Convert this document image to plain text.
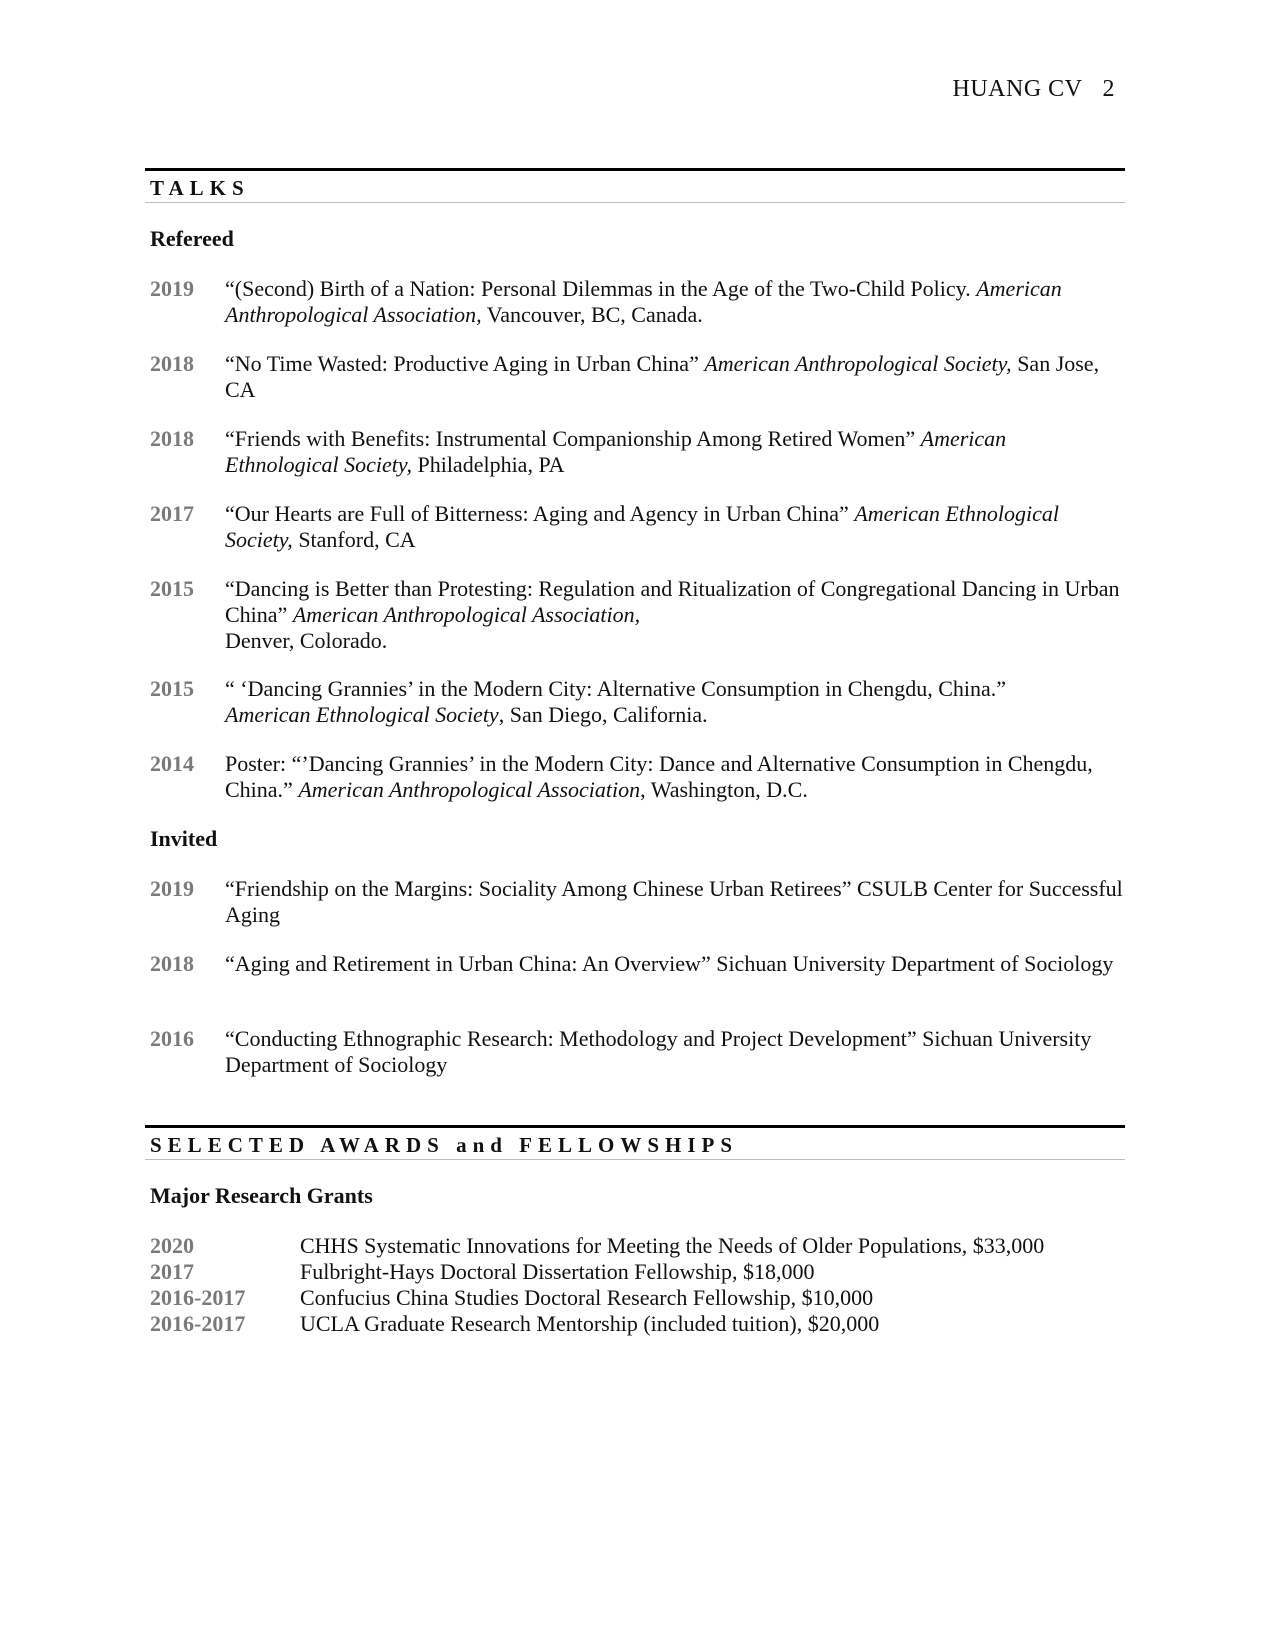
HUANG CV 2
TALKS
Refereed
2019	“(Second) Birth of a Nation: Personal Dilemmas in the Age of the Two-Child Policy. American Anthropological Association, Vancouver, BC, Canada.
2018	“No Time Wasted: Productive Aging in Urban China” American Anthropological Society, San Jose, CA
2018	“Friends with Benefits: Instrumental Companionship Among Retired Women” American Ethnological Society, Philadelphia, PA
2017	“Our Hearts are Full of Bitterness: Aging and Agency in Urban China” American Ethnological Society, Stanford, CA
2015	“Dancing is Better than Protesting: Regulation and Ritualization of Congregational Dancing in Urban China” American Anthropological Association,
Denver, Colorado.
2015	“ ‘Dancing Grannies’ in the Modern City: Alternative Consumption in Chengdu, China.”
American Ethnological Society, San Diego, California.
2014	Poster: “’Dancing Grannies’ in the Modern City: Dance and Alternative Consumption in Chengdu, China.” American Anthropological Association, Washington, D.C.
Invited
2019	“Friendship on the Margins: Sociality Among Chinese Urban Retirees” CSULB Center for Successful Aging
2018	“Aging and Retirement in Urban China: An Overview” Sichuan University Department of Sociology
2016	“Conducting Ethnographic Research: Methodology and Project Development” Sichuan University Department of Sociology
SELECTED AWARDS and FELLOWSHIPS
Major Research Grants
2020	CHHS Systematic Innovations for Meeting the Needs of Older Populations, $33,000
2017	Fulbright-Hays Doctoral Dissertation Fellowship, $18,000
2016-2017	Confucius China Studies Doctoral Research Fellowship, $10,000
2016-2017	UCLA Graduate Research Mentorship (included tuition), $20,000
